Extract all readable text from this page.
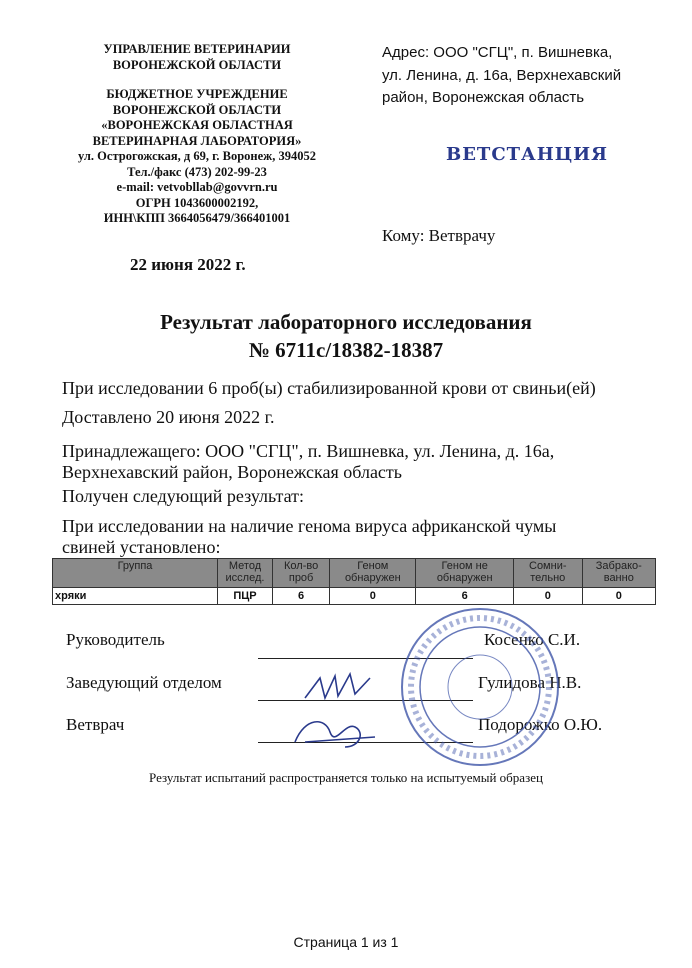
УПРАВЛЕНИЕ ВЕТЕРИНАРИИ
ВОРОНЕЖСКОЙ ОБЛАСТИ
БЮДЖЕТНОЕ УЧРЕЖДЕНИЕ
ВОРОНЕЖСКОЙ ОБЛАСТИ
«ВОРОНЕЖСКАЯ ОБЛАСТНАЯ
ВЕТЕРИНАРНАЯ ЛАБОРАТОРИЯ»
ул. Острогожская, д 69, г. Воронеж, 394052
Тел./факс (473) 202-99-23
e-mail: vetvobllab@govvrn.ru
ОГРН 1043600002192,
ИНН\КПП 3664056479/366401001
Адрес: ООО "СГЦ", п. Вишневка,
ул. Ленина, д. 16а, Верхнехавский
район, Воронежская область
ВЕТСТАНЦИЯ
Кому: Ветврачу
22 июня 2022 г.
Результат лабораторного исследования
№ 6711с/18382-18387
При исследовании 6 проб(ы) стабилизированной крови от свиньи(ей)
Доставлено 20 июня 2022 г.
Принадлежащего: ООО "СГЦ", п. Вишневка, ул. Ленина, д. 16а,
Верхнехавский район, Воронежская область
Получен следующий результат:
При исследовании на наличие генома вируса африканской чумы
свиней установлено:
Группа	Метод исслед.	Кол-во проб	Геном обнаружен	Геном не обнаружен	Сомни-тельно	Забрако-ванно
хряки	ПЦР	6	0	6	0	0
Руководитель	Косенко С.И.
Заведующий отделом	Гулидова Н.В.
Ветврач	Подорожко О.Ю.
Результат испытаний распространяется только на испытуемый образец
Страница 1 из 1
